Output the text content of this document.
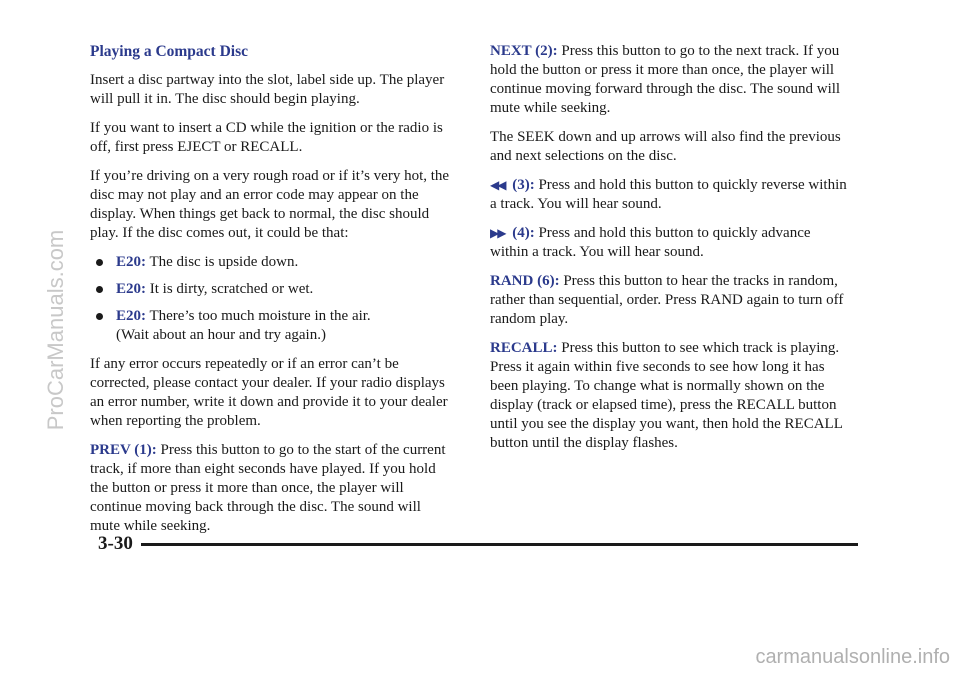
Playing a Compact Disc

Insert a disc partway into the slot, label side up. The player will pull it in. The disc should begin playing.

If you want to insert a CD while the ignition or the radio is off, first press EJECT or RECALL.

If you’re driving on a very rough road or if it’s very hot, the disc may not play and an error code may appear on the display. When things get back to normal, the disc should play. If the disc comes out, it could be that:

E20: The disc is upside down.
E20: It is dirty, scratched or wet.
E20: There’s too much moisture in the air.
(Wait about an hour and try again.)

If any error occurs repeatedly or if an error can’t be corrected, please contact your dealer. If your radio displays an error number, write it down and provide it to your dealer when reporting the problem.

PREV (1): Press this button to go to the start of the current track, if more than eight seconds have played. If you hold the button or press it more than once, the player will continue moving back through the disc. The sound will mute while seeking.

NEXT (2): Press this button to go to the next track. If you hold the button or press it more than once, the player will continue moving forward through the disc. The sound will mute while seeking.

The SEEK down and up arrows will also find the previous and next selections on the disc.

◀◀ (3): Press and hold this button to quickly reverse within a track. You will hear sound.

▶▶ (4): Press and hold this button to quickly advance within a track. You will hear sound.

RAND (6): Press this button to hear the tracks in random, rather than sequential, order. Press RAND again to turn off random play.

RECALL: Press this button to see which track is playing. Press it again within five seconds to see how long it has been playing. To change what is normally shown on the display (track or elapsed time), press the RECALL button until you see the display you want, then hold the RECALL button until the display flashes.

3-30
ProCarManuals.com
carmanualsonline.info
